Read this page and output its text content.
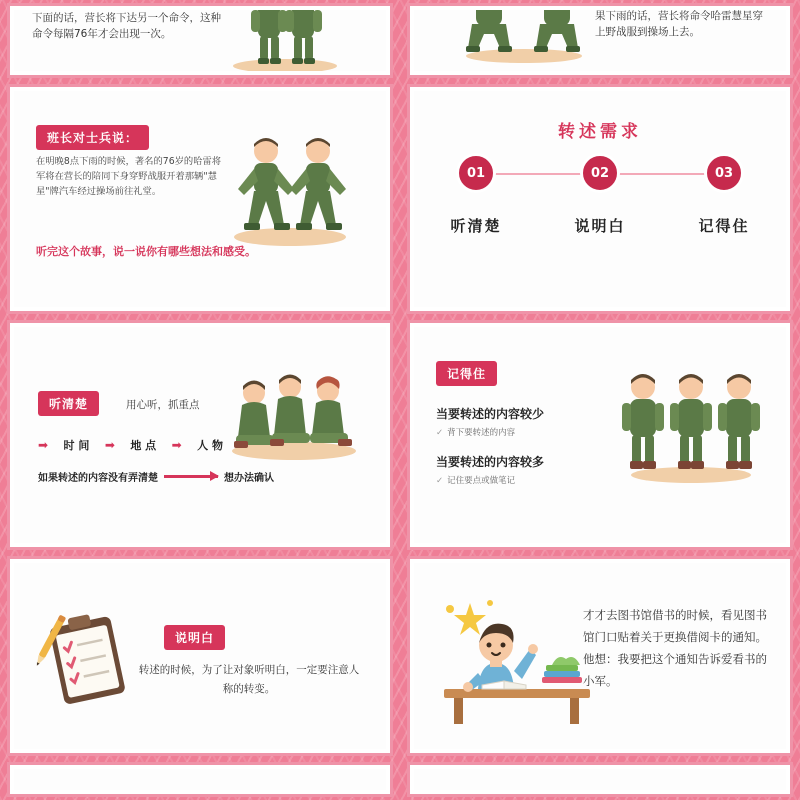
下面的话，营长将下达另一个命令，这种命令每隔76年才会出现一次。
果下雨的话，营长将命令哈雷慧星穿上野战服到操场上去。
班长对士兵说：
在明晚8点下雨的时候，著名的76岁的哈雷将军将在营长的陪同下身穿野战服开着那辆"慧星"牌汽车经过操场前往礼堂。
听完这个故事，说一说你有哪些想法和感受。
转述需求
01
听清楚
02
说明白
03
记得住
听清楚	用心听，抓重点
➡ 时 间 ➡ 地 点 ➡ 人 物
如果转述的内容没有弄清楚	想办法确认
记得住
当要转述的内容较少
✓ 背下要转述的内容
当要转述的内容较多
✓ 记住要点或做笔记
说明白
转述的时候，为了让对象听明白，一定要注意人称的转变。
才才去图书馆借书的时候，看见图书馆门口贴着关于更换借阅卡的通知。他想：我要把这个通知告诉爱看书的小军。
